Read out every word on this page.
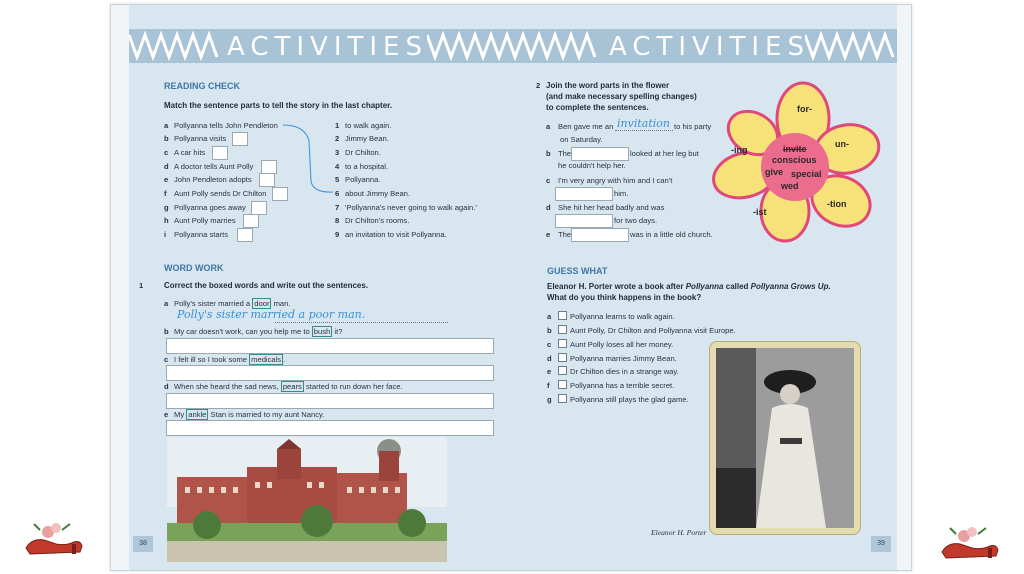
ACTIVITIES	ACTIVITIES
READING CHECK
Match the sentence parts to tell the story in the last chapter.
a Pollyanna tells John Pendleton
b Pollyanna visits
c A car hits
d A doctor tells Aunt Polly
e John Pendleton adopts
f Aunt Polly sends Dr Chilton
g Pollyanna goes away
h Aunt Polly marries
i Pollyanna starts
1 to walk again.
2 Jimmy Bean.
3 Dr Chilton.
4 to a hospital.
5 Pollyanna.
6 about Jimmy Bean.
7 'Pollyanna's never going to walk again.'
8 Dr Chilton's rooms.
9 an invitation to visit Pollyanna.
WORD WORK
1	Correct the boxed words and write out the sentences.
a Polly's sister married a door man.
Polly's sister married a poor man.
b My car doesn't work, can you help me to bush it?
c I felt ill so I took some medicals .
d When she heard the sad news, pears started to run down her face.
e My ankle Stan is married to my aunt Nancy.
2 Join the word parts in the flower
(and make necessary spelling changes)
to complete the sentences.
a Ben gave me an invitation to his party
on Saturday.
b The	looked at her leg but
he couldn't help her.
c I'm very angry with him and I can't
him.
d She hit her head badly and was
for two days.
e The	was in a little old church.
for-
un-
-tion
-ist
-ing	invite
conscious
give special
wed
GUESS WHAT
Eleanor H. Porter wrote a book after Pollyanna called Pollyanna Grows Up.
What do you think happens in the book?
a Pollyanna learns to walk again.
b Aunt Polly, Dr Chilton and Pollyanna visit Europe.
c Aunt Polly loses all her money.
d Pollyanna marries Jimmy Bean.
e Dr Chilton dies in a strange way.
f	Pollyanna has a terrible secret.
g Pollyanna still plays the glad game.
Eleanor H. Porter
38	39
